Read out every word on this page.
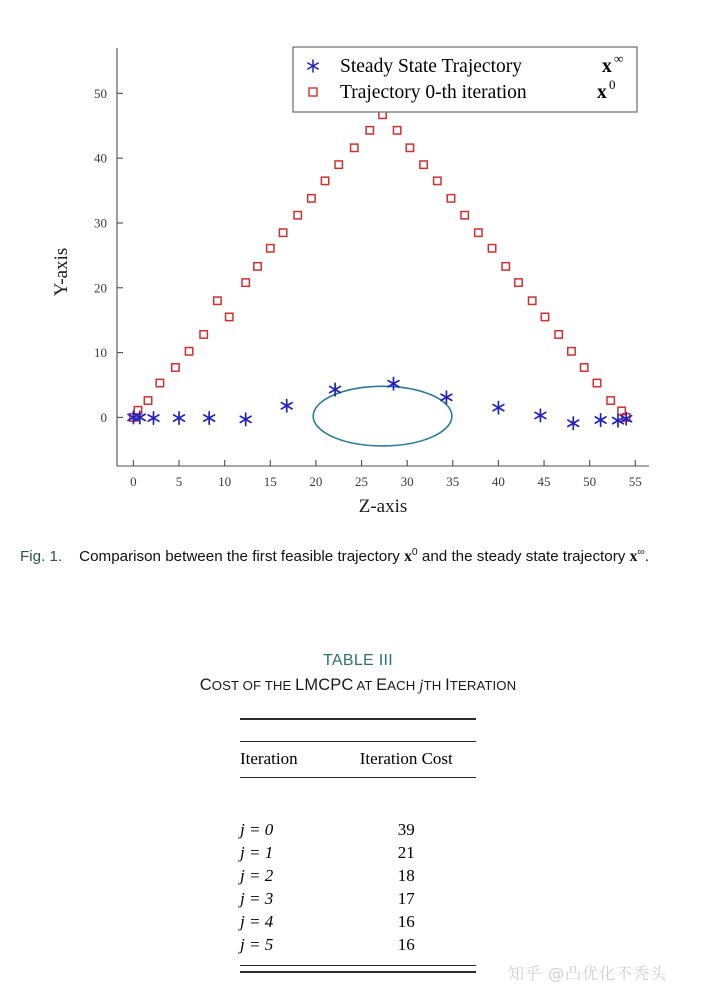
0
10
20
30
40
50
0	5	10	15	20	25	30	35	40	45	50	55
Z-axis
Y-axis
Steady State Trajectory	x ∞
Trajectory 0-th iteration	x 0
Fig. 1. Comparison between the first feasible trajectory $x^0$ and the steady state trajectory x∞.
TABLE III
COST OF THE LMCPC AT EACH jTH ITERATION

Iteration	Iteration Cost

j = 0	39
j = 1	21
j = 2	18
j = 3	17
j = 4	16
j = 5	16

知乎 @凸优化不秃头
